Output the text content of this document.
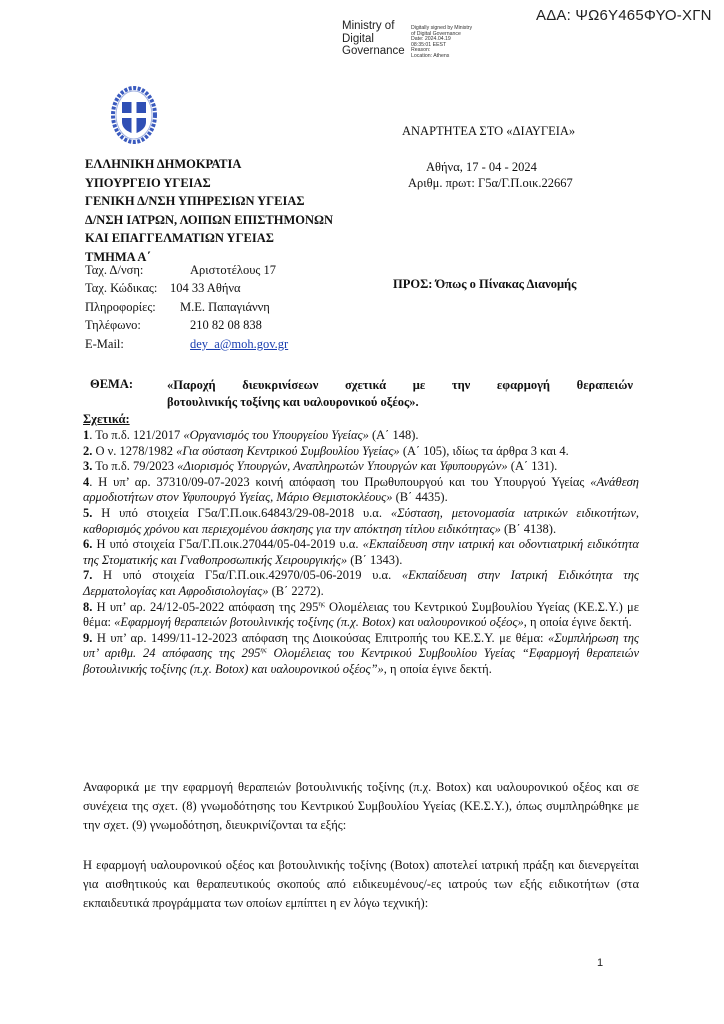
ΑΔΑ: ΨΩ6Υ465ΦΥΟ-ΧΓΝ
Ministry of
Digital
Governance
Digitally signed by Ministry
of Digital Governance
Date: 2024.04.19
08:35:01 EEST
Reason:
Location: Athens
ΕΛΛΗΝΙΚΗ ΔΗΜΟΚΡΑΤΙΑ
ΥΠΟΥΡΓΕΙΟ ΥΓΕΙΑΣ
ΓΕΝΙΚΗ Δ/ΝΣΗ ΥΠΗΡΕΣΙΩΝ ΥΓΕΙΑΣ
Δ/ΝΣΗ ΙΑΤΡΩΝ, ΛΟΙΠΩΝ ΕΠΙΣΤΗΜΟΝΩΝ
ΚΑΙ ΕΠΑΓΓΕΛΜΑΤΙΩΝ ΥΓΕΙΑΣ
ΤΜΗΜΑ Α΄
Ταχ. Δ/νση:	Αριστοτέλους 17
Ταχ. Κώδικας:	104 33 Αθήνα
Πληροφορίες:	Μ.Ε. Παπαγιάννη
Τηλέφωνο:	210 82 08 838
E-Mail:	dey_a@moh.gov.gr
ΑΝΑΡΤΗΤΕΑ ΣΤΟ «ΔΙΑΥΓΕΙΑ»
Αθήνα, 17 - 04 - 2024
Αριθμ. πρωτ: Γ5α/Γ.Π.οικ.22667
ΠΡΟΣ: Όπως ο Πίνακας Διανομής
ΘΕΜΑ:	«Παροχή διευκρινίσεων σχετικά με την εφαρμογή θεραπειών
βοτουλινικής τοξίνης και υαλουρονικού οξέος».
Σχετικά:

1. Το π.δ. 121/2017 «Οργανισμός του Υπουργείου Υγείας» (Α΄ 148).

2. Ο ν. 1278/1982 «Για σύσταση Κεντρικού Συμβουλίου Υγείας» (Α΄ 105), ιδίως τα άρθρα 3 και 4.

3. Το π.δ. 79/2023 «Διορισμός Υπουργών, Αναπληρωτών Υπουργών και Υφυπουργών» (Α΄ 131).

4. Η υπ’ αρ. 37310/09-07-2023 κοινή απόφαση του Πρωθυπουργού και του Υπουργού Υγείας «Ανάθεση αρμοδιοτήτων στον Υφυπουργό Υγείας, Μάριο Θεμιστοκλέους» (Β΄ 4435).

5. Η υπό στοιχεία Γ5α/Γ.Π.οικ.64843/29-08-2018 υ.α. «Σύσταση, μετονομασία ιατρικών ειδικοτήτων, καθορισμός χρόνου και περιεχομένου άσκησης για την απόκτηση τίτλου ειδικότητας» (Β΄ 4138).

6. Η υπό στοιχεία Γ5α/Γ.Π.οικ.27044/05-04-2019 υ.α. «Εκπαίδευση στην ιατρική και οδοντιατρική ειδικότητα της Στοματικής και Γναθοπροσωπικής Χειρουργικής» (Β΄ 1343).

7. Η υπό στοιχεία Γ5α/Γ.Π.οικ.42970/05-06-2019 υ.α. «Εκπαίδευση στην Ιατρική Ειδικότητα της Δερματολογίας και Αφροδισιολογίας» (Β΄ 2272).

8. Η υπ’ αρ. 24/12-05-2022 απόφαση της $295^{\eta\varsigma}$ Ολομέλειας του Κεντρικού Συμβουλίου Υγείας (ΚΕ.Σ.Υ.) με θέμα: «Εφαρμογή θεραπειών βοτουλινικής τοξίνης (π.χ. Botox) και υαλουρονικού οξέος», η οποία έγινε δεκτή.

9. Η υπ’ αρ. 1499/11-12-2023 απόφαση της Διοικούσας Επιτροπής του ΚΕ.Σ.Υ. με θέμα: «Συμπλήρωση της υπ’ αριθμ. 24 απόφασης της $295^{\eta\varsigma}$ Ολομέλειας του Κεντρικού Συμβουλίου Υγείας “Εφαρμογή θεραπειών βοτουλινικής τοξίνης (π.χ. Botox) και υαλουρονικού οξέος”», η οποία έγινε δεκτή.

Αναφορικά με την εφαρμογή θεραπειών βοτουλινικής τοξίνης (π.χ. Botox) και υαλουρονικού οξέος και σε συνέχεια της σχετ. (8) γνωμοδότησης του Κεντρικού Συμβουλίου Υγείας (ΚΕ.Σ.Υ.), όπως συμπληρώθηκε με την σχετ. (9) γνωμοδότηση, διευκρινίζονται τα εξής:
Η εφαρμογή υαλουρονικού οξέος και βοτουλινικής τοξίνης (Botox) αποτελεί ιατρική πράξη και διενεργείται για αισθητικούς και θεραπευτικούς σκοπούς από ειδικευμένους/-ες ιατρούς των εξής ειδικοτήτων (στα εκπαιδευτικά προγράμματα των οποίων εμπίπτει η εν λόγω τεχνική):
1
